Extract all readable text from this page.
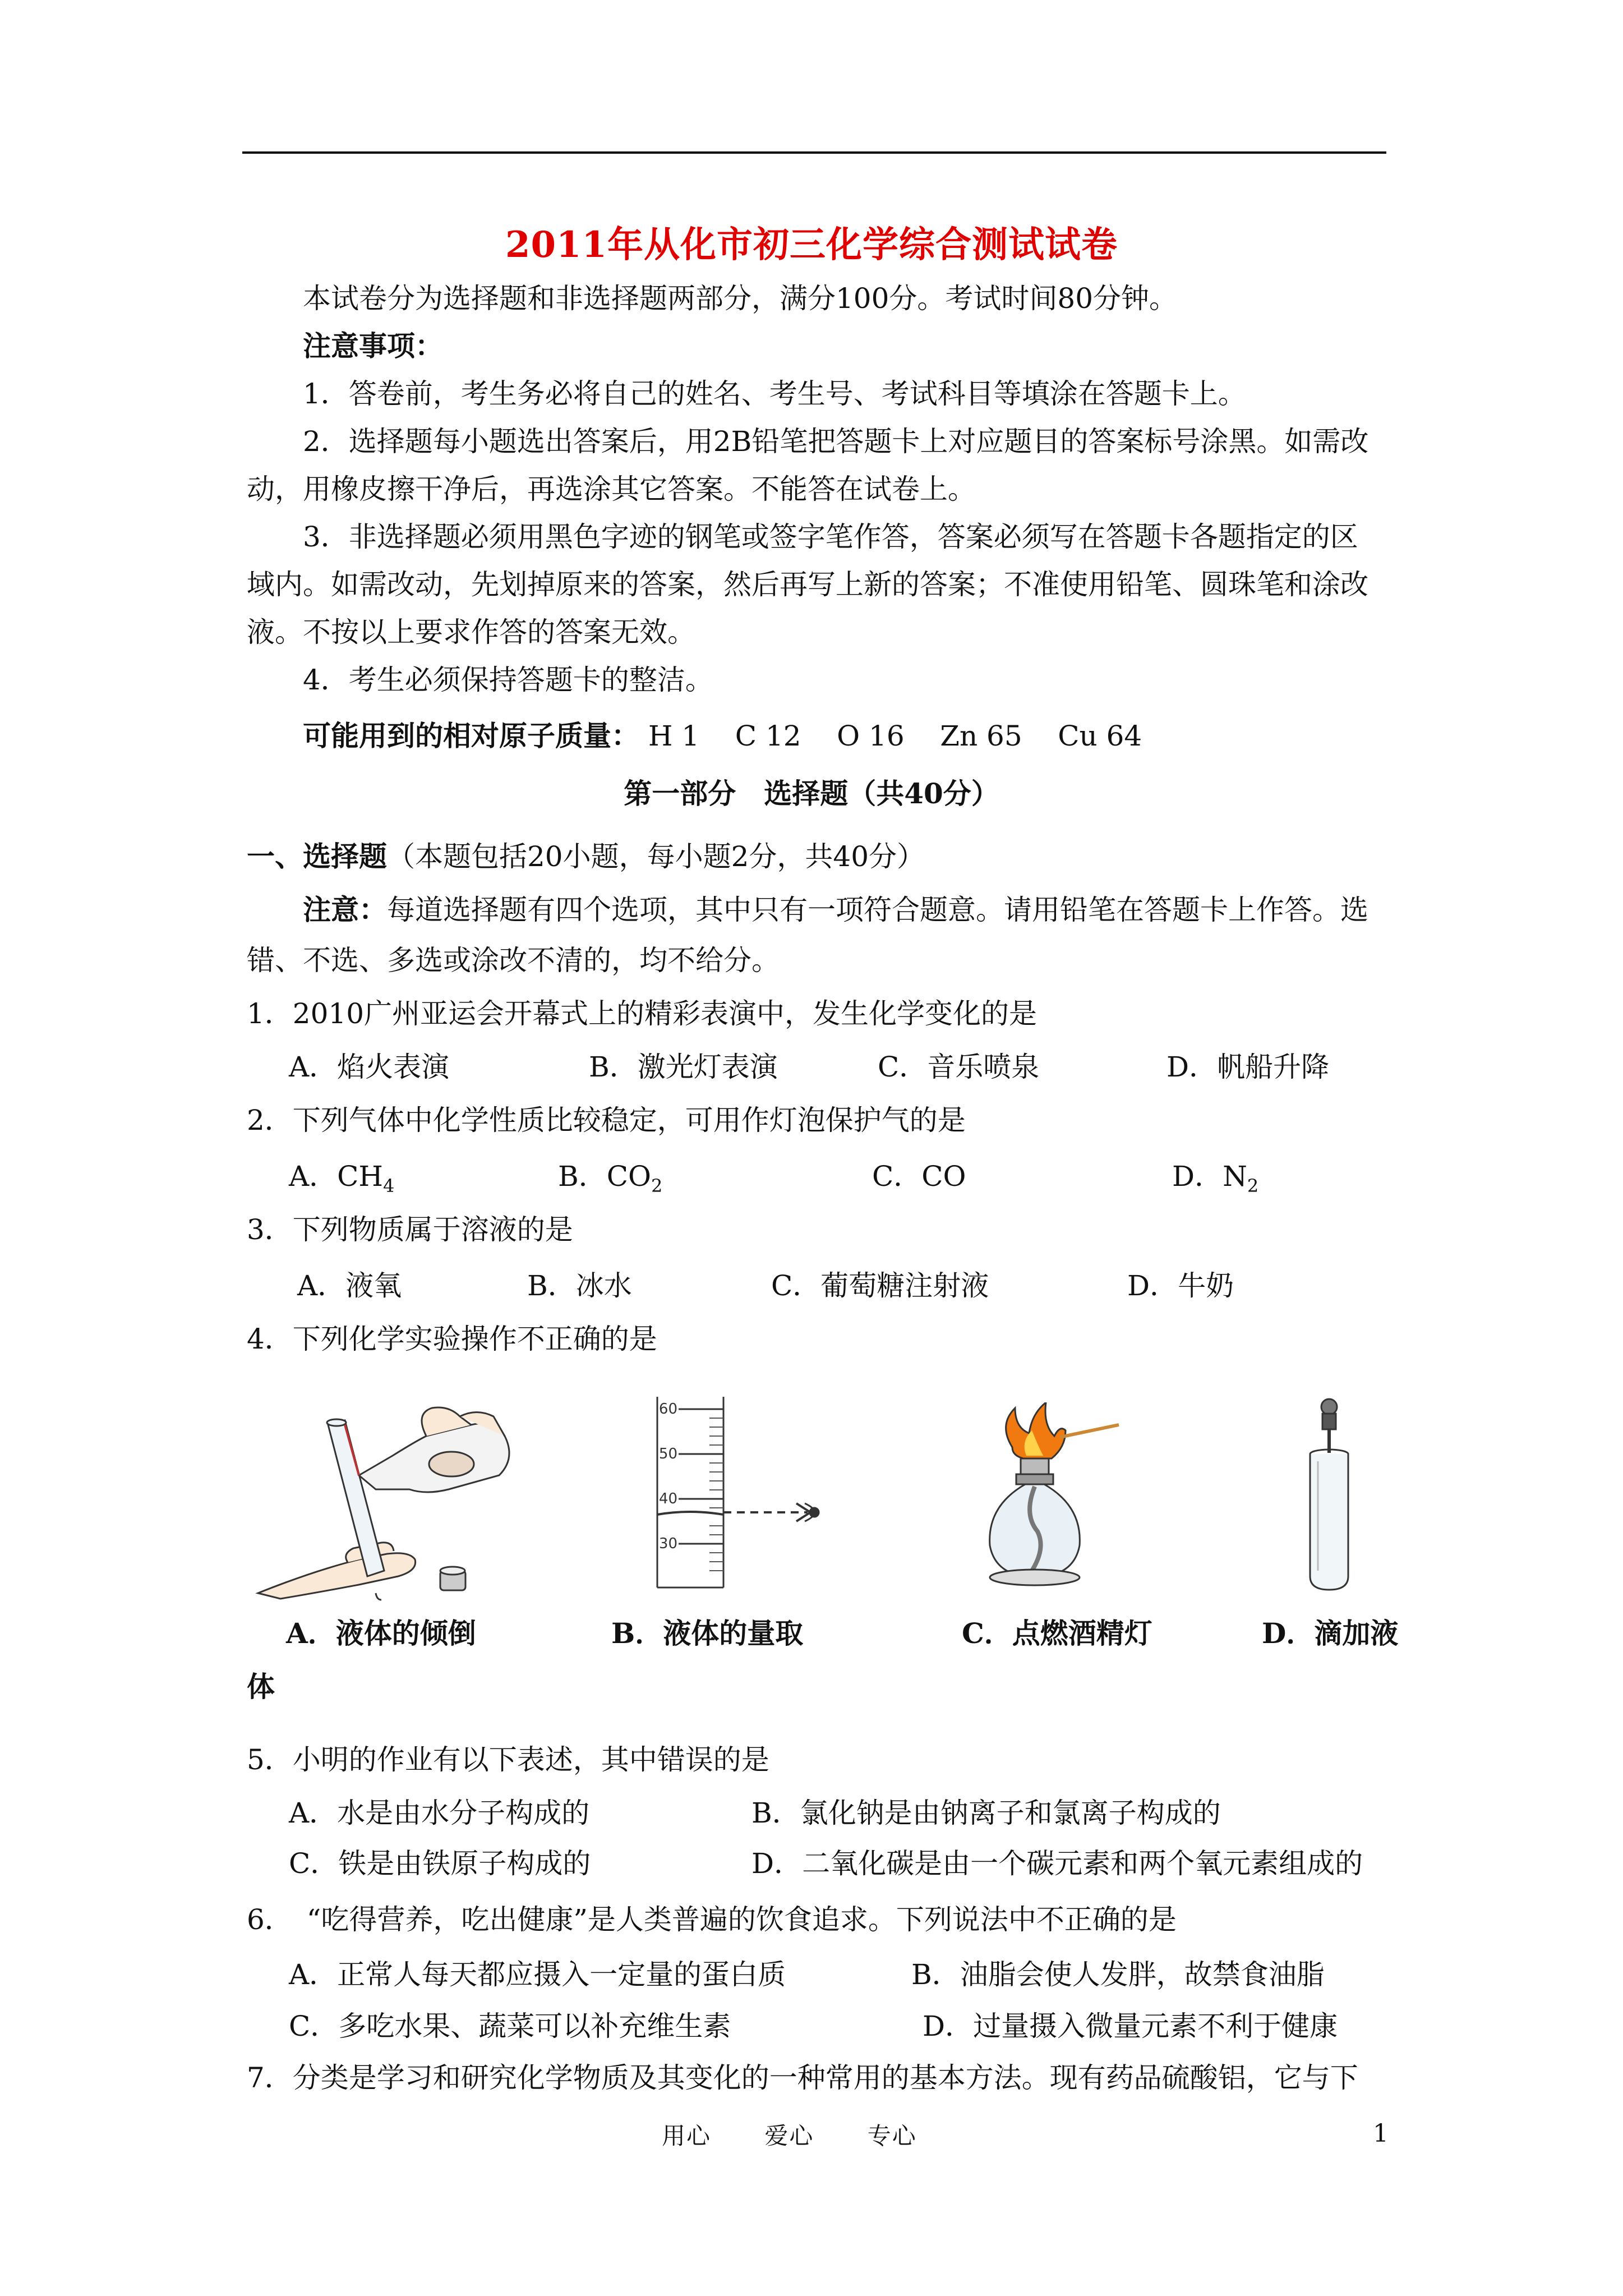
2011年从化市初三化学综合测试试卷
本试卷分为选择题和非选择题两部分，满分100分。考试时间80分钟。
注意事项：
1．答卷前，考生务必将自己的姓名、考生号、考试科目等填涂在答题卡上。
2．选择题每小题选出答案后，用2B铅笔把答题卡上对应题目的答案标号涂黑。如需改
动，用橡皮擦干净后，再选涂其它答案。不能答在试卷上。
3．非选择题必须用黑色字迹的钢笔或签字笔作答，答案必须写在答题卡各题指定的区
域内。如需改动，先划掉原来的答案，然后再写上新的答案；不准使用铅笔、圆珠笔和涂改
液。不按以上要求作答的答案无效。
4．考生必须保持答题卡的整洁。
可能用到的相对原子质量： H 1    C 12    O 16    Zn 65    Cu 64
第一部分　选择题（共40分）
一、选择题（本题包括20小题，每小题2分，共40分）
注意：每道选择题有四个选项，其中只有一项符合题意。请用铅笔在答题卡上作答。选
错、不选、多选或涂改不清的，均不给分。
1．2010广州亚运会开幕式上的精彩表演中，发生化学变化的是
A．焰火表演	B．激光灯表演	C．音乐喷泉	D．帆船升降
2．下列气体中化学性质比较稳定，可用作灯泡保护气的是
A．$CH_4$	B．$CO_2$	C．CO	D．$N_2$
3．下列物质属于溶液的是
A．液氧	B．冰水	C．葡萄糖注射液	D．牛奶
4．下列化学实验操作不正确的是
60
50
40
30
A．液体的倾倒	B．液体的量取	C．点燃酒精灯	D．滴加液
体
5．小明的作业有以下表述，其中错误的是
A．水是由水分子构成的	B．氯化钠是由钠离子和氯离子构成的
C．铁是由铁原子构成的	D．二氧化碳是由一个碳元素和两个氧元素组成的
6．　“吃得营养，吃出健康”是人类普遍的饮食追求。下列说法中不正确的是
A．正常人每天都应摄入一定量的蛋白质	B．油脂会使人发胖，故禁食油脂
C．多吃水果、蔬菜可以补充维生素	D．过量摄入微量元素不利于健康
7．分类是学习和研究化学物质及其变化的一种常用的基本方法。现有药品硫酸铝，它与下
用心 爱心 专心	1
